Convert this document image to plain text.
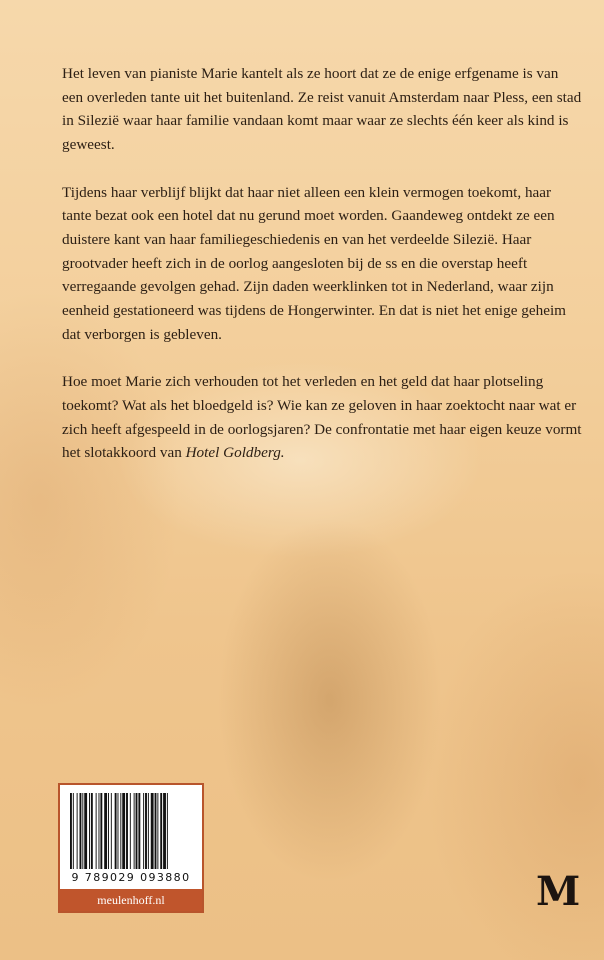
Het leven van pianiste Marie kantelt als ze hoort dat ze de enige erfgename is van een overleden tante uit het buitenland. Ze reist vanuit Amsterdam naar Pless, een stad in Silezië waar haar familie vandaan komt maar waar ze slechts één keer als kind is geweest.

Tijdens haar verblijf blijkt dat haar niet alleen een klein vermogen toekomt, haar tante bezat ook een hotel dat nu gerund moet worden. Gaandeweg ontdekt ze een duistere kant van haar familiegeschiedenis en van het verdeelde Silezië. Haar grootvader heeft zich in de oorlog aangesloten bij de ss en die overstap heeft verregaande gevolgen gehad. Zijn daden weerklinken tot in Nederland, waar zijn eenheid gestationeerd was tijdens de Hongerwinter. En dat is niet het enige geheim dat verborgen is gebleven.

Hoe moet Marie zich verhouden tot het verleden en het geld dat haar plotseling toekomt? Wat als het bloedgeld is? Wie kan ze geloven in haar zoektocht naar wat er zich heeft afgespeeld in de oorlogsjaren? De confrontatie met haar eigen keuze vormt het slotakkoord van Hotel Goldberg.

9 789029 093880
meulenhoff.nl	M
